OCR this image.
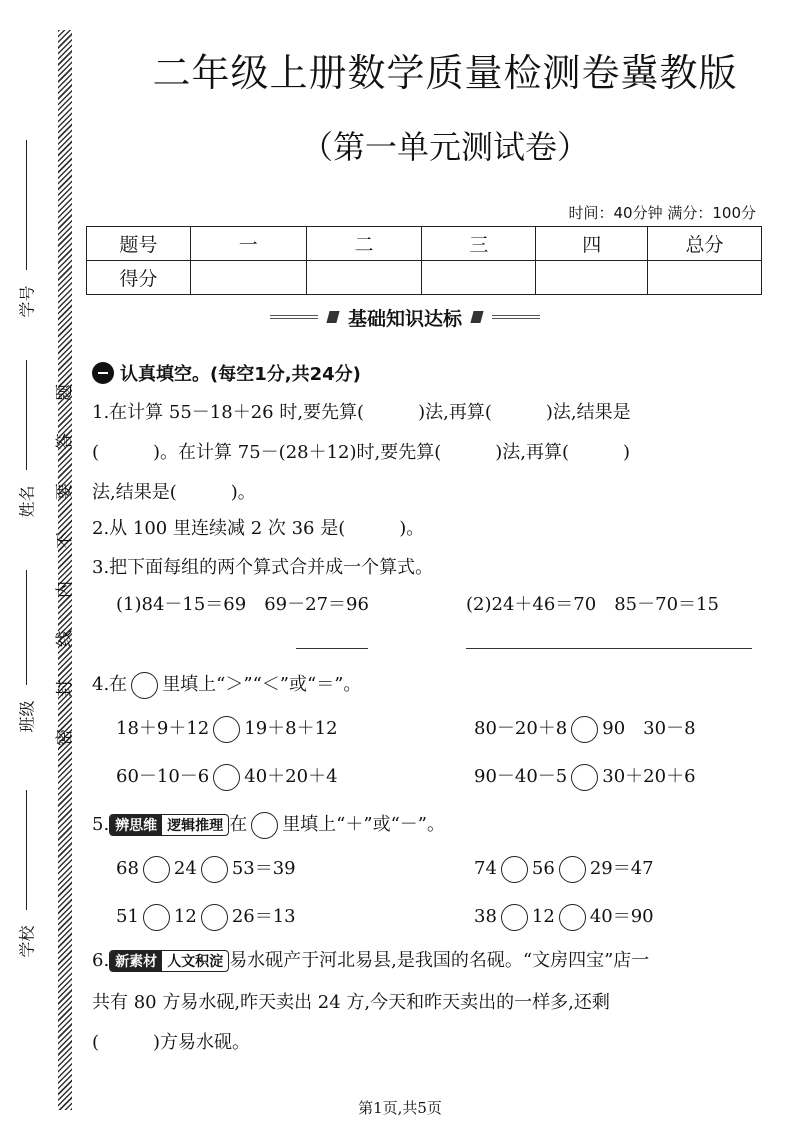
题
答
要
不
内
线
封
密
学号
姓名
班级
学校
二年级上册数学质量检测卷冀教版
（第一单元测试卷）
时间：40分钟 满分：100分
题号	一	二	三	四	总分
得分					
基础知识达标
认真填空。(每空1分,共24分)
1.在计算 55－18＋26 时,要先算(　　　)法,再算(　　　)法,结果是
(　　　)。在计算 75－(28＋12)时,要先算(　　　)法,再算(　　　)
法,结果是(　　　)。
2.从 100 里连续减 2 次 36 是(　　　)。
3.把下面每组的两个算式合并成一个算式。
(1)84－15＝69　69－27＝96	(2)24＋46＝70　85－70＝15
4.在 里填上“＞”“＜”或“＝”。
18＋9＋12 19＋8＋12	80－20＋8 90　30－8
60－10－6 40＋20＋4	90－40－5 30＋20＋6
5. 辨思维 逻辑推理 在 里填上“＋”或“－”。
68 24 53＝39	74 56 29＝47
51 12 26＝13	38 12 40＝90
6. 新素材 人文积淀 易水砚产于河北易县,是我国的名砚。“文房四宝”店一
共有 80 方易水砚,昨天卖出 24 方,今天和昨天卖出的一样多,还剩
(　　　)方易水砚。
第1页,共5页
